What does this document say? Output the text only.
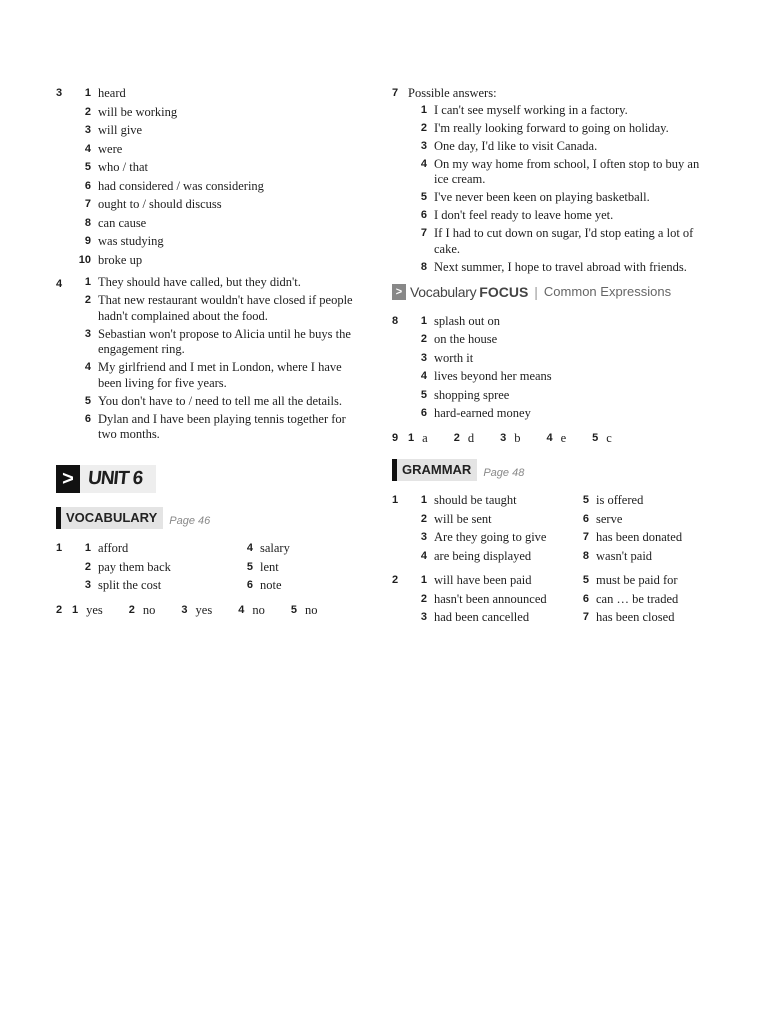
3	1 heard
2 will be working
3 will give
4 were
5 who / that
6 had considered / was considering
7 ought to / should discuss
8 can cause
9 was studying
10 broke up
4	1 They should have called, but they didn't.
2 That new restaurant wouldn't have closed if people hadn't complained about the food.
3 Sebastian won't propose to Alicia until he buys the engagement ring.
4 My girlfriend and I met in London, where I have been living for five years.
5 You don't have to / need to tell me all the details.
6 Dylan and I have been playing tennis together for two months.
> UNIT 6
VOCABULARY	Page 46
1	1 afford
2 pay them back
3 split the cost
4 salary
5 lent
6 note
2 1 yes 2 no 3 yes 4 no 5 no
7 Possible answers:
1 I can't see myself working in a factory.
2 I'm really looking forward to going on holiday.
3 One day, I'd like to visit Canada.
4 On my way home from school, I often stop to buy an ice cream.
5 I've never been keen on playing basketball.
6 I don't feel ready to leave home yet.
7 If I had to cut down on sugar, I'd stop eating a lot of cake.
8 Next summer, I hope to travel abroad with friends.
> Vocabulary FOCUS | Common Expressions
8	1 splash out on
2 on the house
3 worth it
4 lives beyond her means
5 shopping spree
6 hard-earned money
9 1 a 2 d 3 b 4 e 5 c
GRAMMAR	Page 48
1	1 should be taught
2 will be sent
3 Are they going to give
4 are being displayed
5 is offered
6 serve
7 has been donated
8 wasn't paid
2	1 will have been paid
2 hasn't been announced
3 had been cancelled
5 must be paid for
6 can … be traded
7 has been closed
